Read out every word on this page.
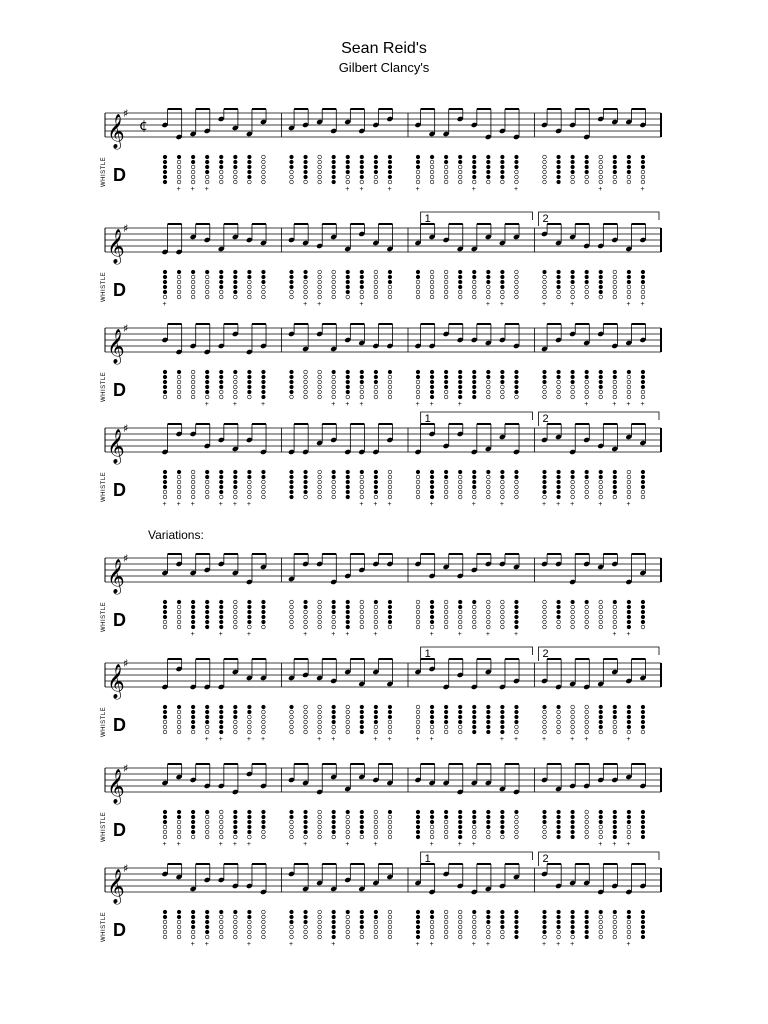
Sean Reid's
Gilbert Clancy's
Variations:
𝄞
♯
¢
+ + +	+ +	+	+	+	+	+	+
WHISTLE D
𝄞
♯
+	+ +	+	+ +	+	+	+ +
1	2
WHISTLE D
𝄞
♯
+	+	+	+ + +	+ +	+	+	+ + +
WHISTLE D
𝄞
♯
+ + +	+ + +	+ + +	+	+	+	+ + +	+	+
1	2
WHISTLE D
𝄞
♯
+	+	+	+	+ +	+	+	+	+	+	+ +
WHISTLE D
𝄞
♯
+ +	+ +	+ +	+ +	+ +	+ +	+	+ +	+
1	2
WHISTLE D
𝄞
♯
+ +	+ + +	+	+	+	+	+ +	+ + +
WHISTLE D
𝄞
♯
+ +	+	+	+	+ +	+ +	+ + +	+
1	2
WHISTLE D
